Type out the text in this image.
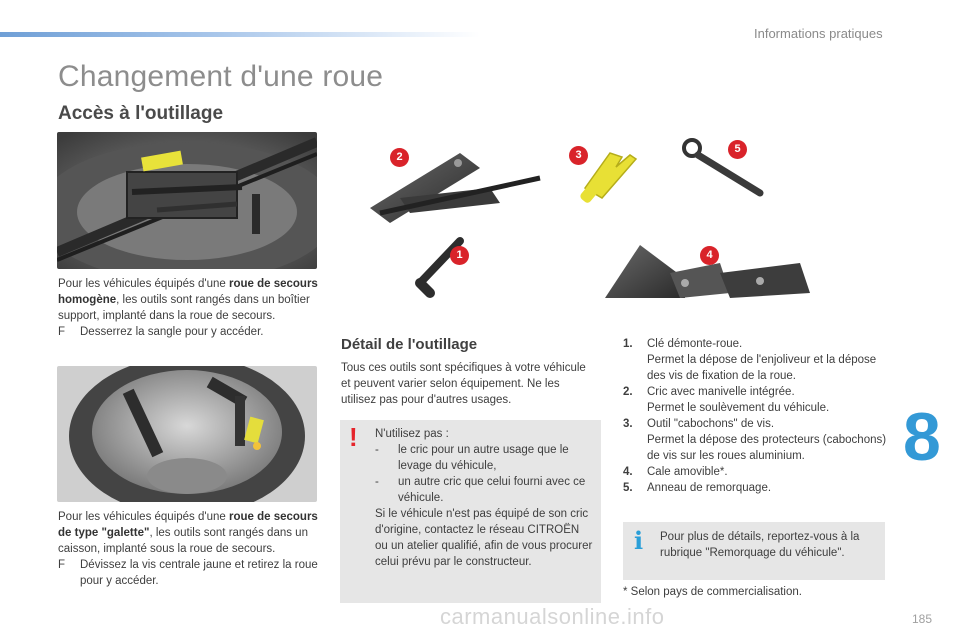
Informations pratiques
Changement d'une roue
Accès à l'outillage
Pour les véhicules équipés d'une roue de secours homogène, les outils sont rangés dans un boîtier support, implanté dans la roue de secours.
F Desserrez la sangle pour y accéder.
Pour les véhicules équipés d'une roue de secours de type "galette", les outils sont rangés dans un caisson, implanté sous la roue de secours.
F Dévissez la vis centrale jaune et retirez la roue pour y accéder.
2	3	5
1	4
Détail de l'outillage
Tous ces outils sont spécifiques à votre véhicule et peuvent varier selon équipement. Ne les utilisez pas pour d'autres usages.
! N'utilisez pas :
- le cric pour un autre usage que le levage du véhicule,
- un autre cric que celui fourni avec ce véhicule.
Si le véhicule n'est pas équipé de son cric d'origine, contactez le réseau CITROËN ou un atelier qualifié, afin de vous procurer celui prévu par le constructeur.
1. Clé démonte-roue.
Permet la dépose de l'enjoliveur et la dépose des vis de fixation de la roue.
2. Cric avec manivelle intégrée.
Permet le soulèvement du véhicule.
3. Outil "cabochons" de vis.
Permet la dépose des protecteurs (cabochons) de vis sur les roues aluminium.
4. Cale amovible*.
5. Anneau de remorquage.
i Pour plus de détails, reportez-vous à la rubrique "Remorquage du véhicule".
* Selon pays de commercialisation.
8
carmanualsonline.info	185
